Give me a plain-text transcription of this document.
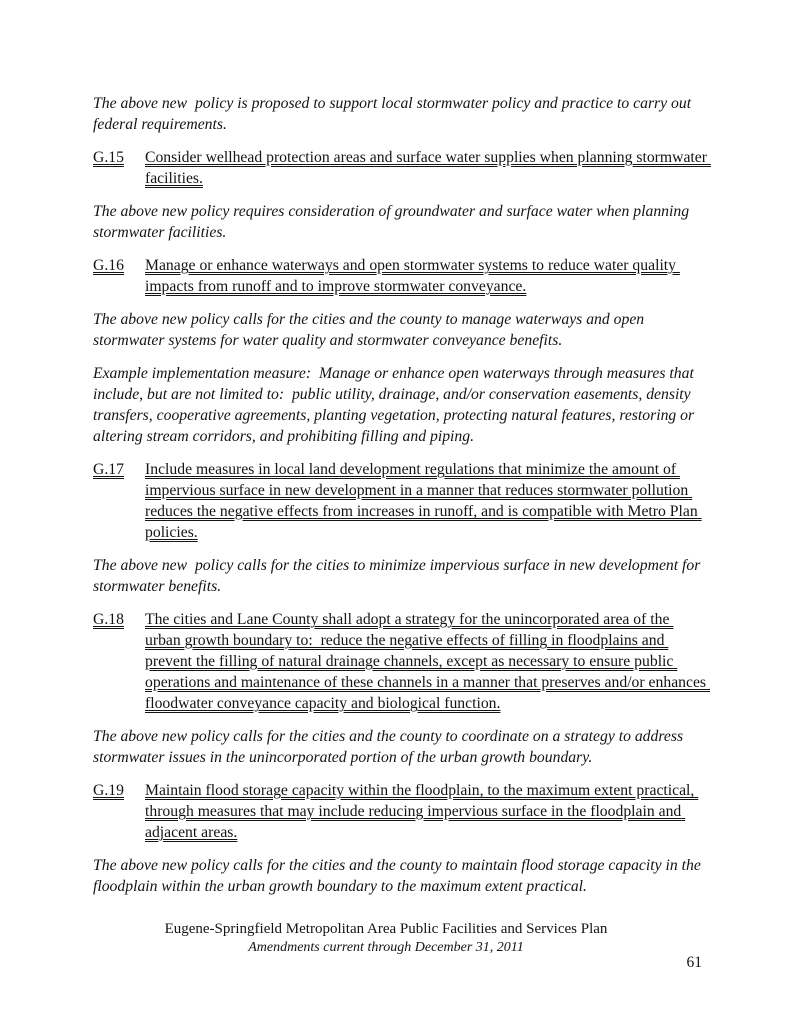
The above new  policy is proposed to support local stormwater policy and practice to carry out federal requirements.

G.15 Consider wellhead protection areas and surface water supplies when planning stormwater facilities.

The above new policy requires consideration of groundwater and surface water when planning stormwater facilities.

G.16 Manage or enhance waterways and open stormwater systems to reduce water quality impacts from runoff and to improve stormwater conveyance.

The above new policy calls for the cities and the county to manage waterways and open stormwater systems for water quality and stormwater conveyance benefits.

Example implementation measure:  Manage or enhance open waterways through measures that include, but are not limited to:  public utility, drainage, and/or conservation easements, density transfers, cooperative agreements, planting vegetation, protecting natural features, restoring or altering stream corridors, and prohibiting filling and piping.

G.17 Include measures in local land development regulations that minimize the amount of impervious surface in new development in a manner that reduces stormwater pollution reduces the negative effects from increases in runoff, and is compatible with Metro Plan policies.

The above new  policy calls for the cities to minimize impervious surface in new development for stormwater benefits.

G.18 The cities and Lane County shall adopt a strategy for the unincorporated area of the urban growth boundary to:  reduce the negative effects of filling in floodplains and prevent the filling of natural drainage channels, except as necessary to ensure public operations and maintenance of these channels in a manner that preserves and/or enhances floodwater conveyance capacity and biological function.

The above new policy calls for the cities and the county to coordinate on a strategy to address stormwater issues in the unincorporated portion of the urban growth boundary.

G.19 Maintain flood storage capacity within the floodplain, to the maximum extent practical, through measures that may include reducing impervious surface in the floodplain and adjacent areas.

The above new policy calls for the cities and the county to maintain flood storage capacity in the floodplain within the urban growth boundary to the maximum extent practical.

Eugene-Springfield Metropolitan Area Public Facilities and Services Plan
Amendments current through December 31, 2011
61
